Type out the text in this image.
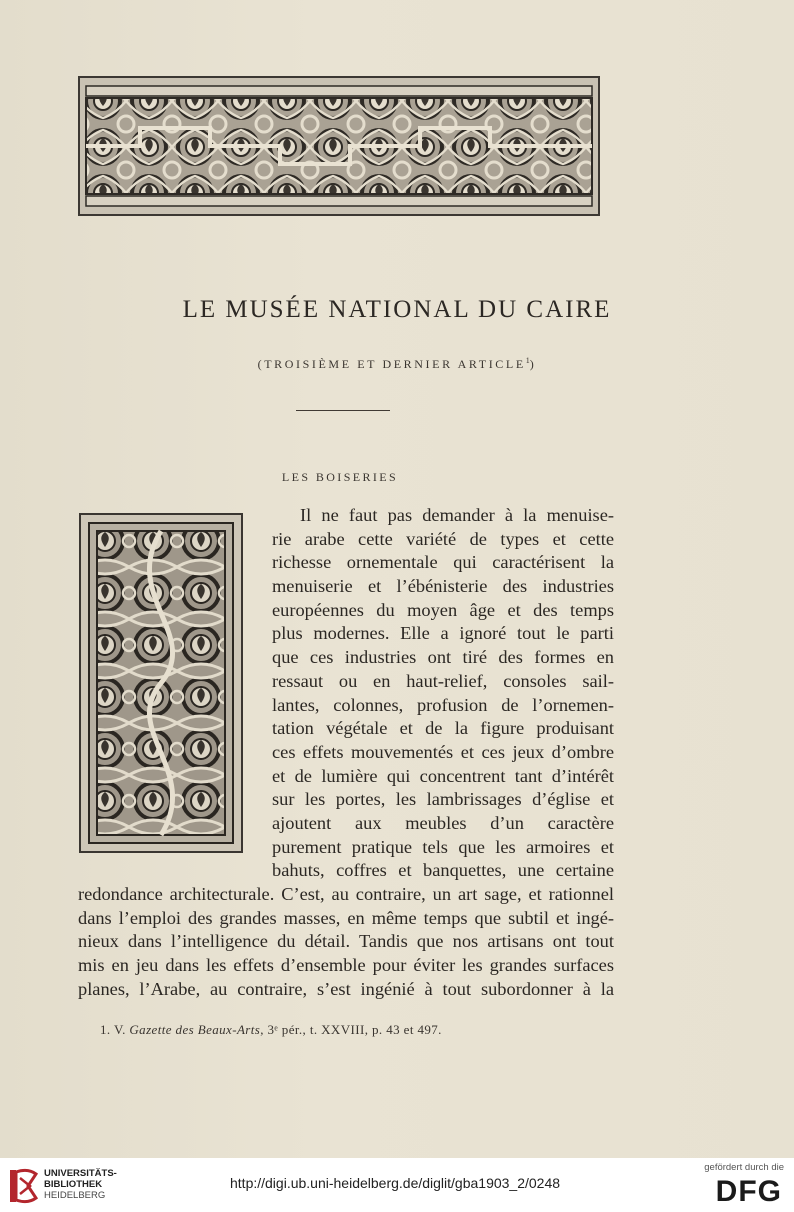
LE MUSÉE NATIONAL DU CAIRE
(TROISIÈME ET DERNIER ARTICLE$^1$)
LES BOISERIES
Il ne faut pas demander à la menuise-
rie arabe cette variété de types et cette
richesse ornementale qui caractérisent la
menuiserie et l’ébénisterie des industries
européennes du moyen âge et des temps
plus modernes. Elle a ignoré tout le parti
que ces industries ont tiré des formes en
ressaut ou en haut-relief, consoles sail-
lantes, colonnes, profusion de l’ornemen-
tation végétale et de la figure produisant
ces effets mouvementés et ces jeux d’ombre
et de lumière qui concentrent tant d’intérêt
sur les portes, les lambrissages d’église et
ajoutent aux meubles d’un caractère
purement pratique tels que les armoires et
bahuts, coffres et banquettes, une certaine
redondance architecturale. C’est, au contraire, un art sage, et rationnel
dans l’emploi des grandes masses, en même temps que subtil et ingé-
nieux dans l’intelligence du détail. Tandis que nos artisans ont tout
mis en jeu dans les effets d’ensemble pour éviter les grandes surfaces
planes, l’Arabe, au contraire, s’est ingénié à tout subordonner à la
1. V. Gazette des Beaux-Arts, 3ᵉ pér., t. XXVIII, p. 43 et 497.
UNIVERSITÄTS-
BIBLIOTHEK
HEIDELBERG
http://digi.ub.uni-heidelberg.de/diglit/gba1903_2/0248
gefördert durch die
DFG
